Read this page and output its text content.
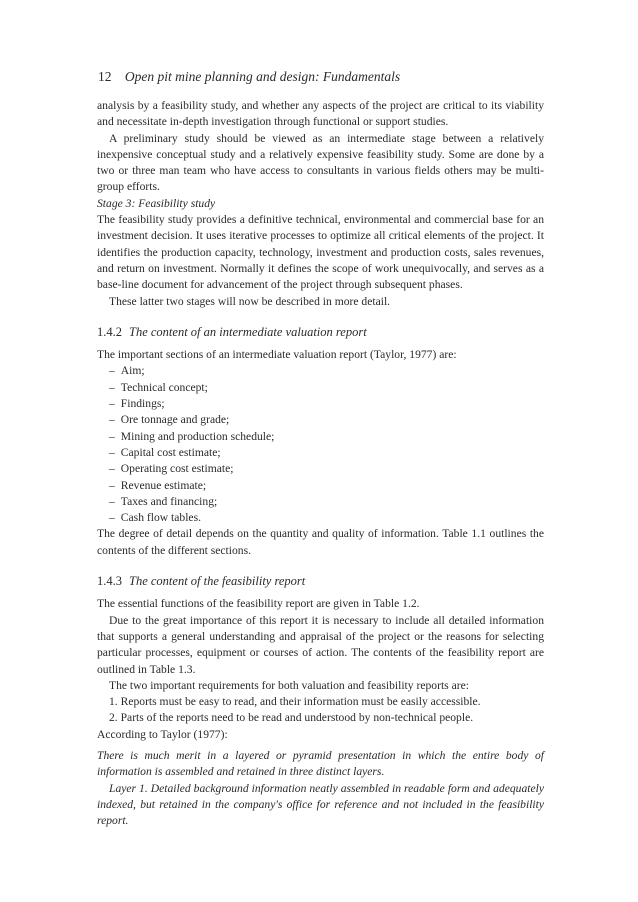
12 Open pit mine planning and design: Fundamentals

analysis by a feasibility study, and whether any aspects of the project are critical to its viability and necessitate in-depth investigation through functional or support studies.

A preliminary study should be viewed as an intermediate stage between a relatively inexpensive conceptual study and a relatively expensive feasibility study. Some are done by a two or three man team who have access to consultants in various fields others may be multi-group efforts.

Stage 3: Feasibility study

The feasibility study provides a definitive technical, environmental and commercial base for an investment decision. It uses iterative processes to optimize all critical elements of the project. It identifies the production capacity, technology, investment and production costs, sales revenues, and return on investment. Normally it defines the scope of work unequivocally, and serves as a base-line document for advancement of the project through subsequent phases.

These latter two stages will now be described in more detail.

1.4.2 The content of an intermediate valuation report

The important sections of an intermediate valuation report (Taylor, 1977) are:

– Aim;
– Technical concept;
– Findings;
– Ore tonnage and grade;
– Mining and production schedule;
– Capital cost estimate;
– Operating cost estimate;
– Revenue estimate;
– Taxes and financing;
– Cash flow tables.

The degree of detail depends on the quantity and quality of information. Table 1.1 outlines the contents of the different sections.

1.4.3 The content of the feasibility report

The essential functions of the feasibility report are given in Table 1.2.

Due to the great importance of this report it is necessary to include all detailed information that supports a general understanding and appraisal of the project or the reasons for selecting particular processes, equipment or courses of action. The contents of the feasibility report are outlined in Table 1.3.

The two important requirements for both valuation and feasibility reports are:

1. Reports must be easy to read, and their information must be easily accessible.
2. Parts of the reports need to be read and understood by non-technical people.

According to Taylor (1977):

There is much merit in a layered or pyramid presentation in which the entire body of information is assembled and retained in three distinct layers.

Layer 1. Detailed background information neatly assembled in readable form and adequately indexed, but retained in the company's office for reference and not included in the feasibility report.
